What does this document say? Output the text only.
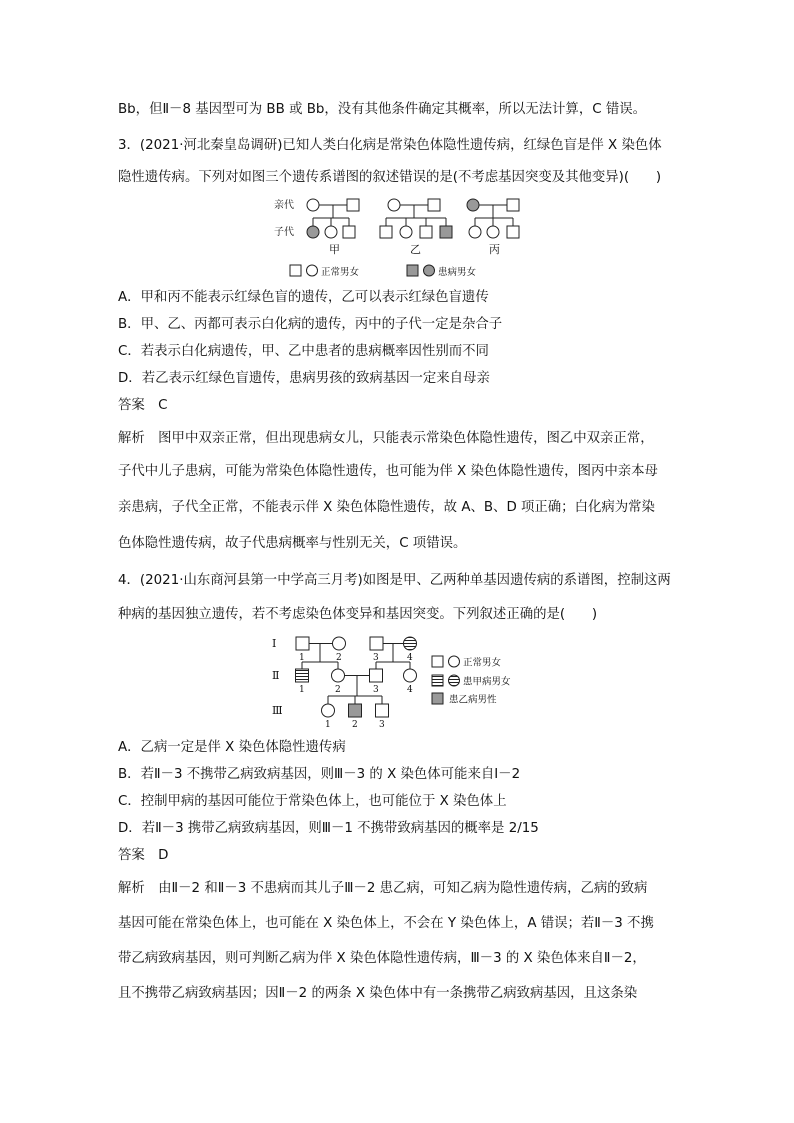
Bb，但Ⅱ－8 基因型可为 BB 或 Bb，没有其他条件确定其概率，所以无法计算，C 错误。
3．(2021·河北秦皇岛调研)已知人类白化病是常染色体隐性遗传病，红绿色盲是伴 X 染色体
隐性遗传病。下列对如图三个遗传系谱图的叙述错误的是(不考虑基因突变及其他变异)(　　)
亲代
子代
甲	乙	丙
正常男女	患病男女
A．甲和丙不能表示红绿色盲的遗传，乙可以表示红绿色盲遗传
B．甲、乙、丙都可表示白化病的遗传，丙中的子代一定是杂合子
C．若表示白化病遗传，甲、乙中患者的患病概率因性别而不同
D．若乙表示红绿色盲遗传，患病男孩的致病基因一定来自母亲
答案　C
解析　图甲中双亲正常，但出现患病女儿，只能表示常染色体隐性遗传，图乙中双亲正常，
子代中儿子患病，可能为常染色体隐性遗传，也可能为伴 X 染色体隐性遗传，图丙中亲本母
亲患病，子代全正常，不能表示伴 X 染色体隐性遗传，故 A、B、D 项正确；白化病为常染
色体隐性遗传病，故子代患病概率与性别无关，C 项错误。
4．(2021·山东商河县第一中学高三月考)如图是甲、乙两种单基因遗传病的系谱图，控制这两
种病的基因独立遗传，若不考虑染色体变异和基因突变。下列叙述正确的是(　　)
Ⅰ
Ⅱ
Ⅲ
1	2	3	4
1	2	3	4
1 2 3
正常男女
患甲病男女
患乙病男性
A．乙病一定是伴 X 染色体隐性遗传病
B．若Ⅱ－3 不携带乙病致病基因，则Ⅲ－3 的 X 染色体可能来自Ⅰ－2
C．控制甲病的基因可能位于常染色体上，也可能位于 X 染色体上
D．若Ⅱ－3 携带乙病致病基因，则Ⅲ－1 不携带致病基因的概率是 2/15
答案　D
解析　由Ⅱ－2 和Ⅱ－3 不患病而其儿子Ⅲ－2 患乙病，可知乙病为隐性遗传病，乙病的致病
基因可能在常染色体上，也可能在 X 染色体上，不会在 Y 染色体上，A 错误；若Ⅱ－3 不携
带乙病致病基因，则可判断乙病为伴 X 染色体隐性遗传病，Ⅲ－3 的 X 染色体来自Ⅱ－2，
且不携带乙病致病基因；因Ⅱ－2 的两条 X 染色体中有一条携带乙病致病基因，且这条染
